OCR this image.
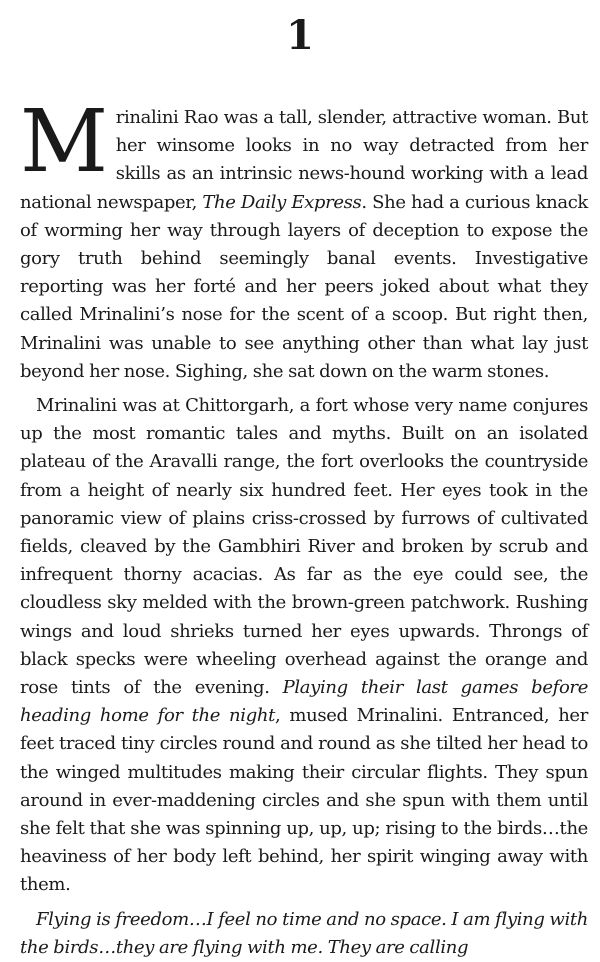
1

Mrinalini Rao was a tall, slender, attractive woman. But her winsome looks in no way detracted from her skills as an intrinsic news-hound working with a lead national newspaper, The Daily Express. She had a curious knack of worming her way through layers of deception to expose the gory truth behind seemingly banal events. Investigative reporting was her forté and her peers joked about what they called Mrinalini’s nose for the scent of a scoop. But right then, Mrinalini was unable to see anything other than what lay just beyond her nose. Sighing, she sat down on the warm stones.

Mrinalini was at Chittorgarh, a fort whose very name conjures up the most romantic tales and myths. Built on an isolated plateau of the Aravalli range, the fort overlooks the countryside from a height of nearly six hundred feet. Her eyes took in the panoramic view of plains criss-crossed by furrows of cultivated fields, cleaved by the Gambhiri River and broken by scrub and infrequent thorny acacias. As far as the eye could see, the cloudless sky melded with the brown-green patchwork. Rushing wings and loud shrieks turned her eyes upwards. Throngs of black specks were wheeling overhead against the orange and rose tints of the evening. Playing their last games before heading home for the night, mused Mrinalini. Entranced, her feet traced tiny circles round and round as she tilted her head to the winged multitudes making their circular flights. They spun around in ever-maddening circles and she spun with them until she felt that she was spinning up, up, up; rising to the birds…the heaviness of her body left behind, her spirit winging away with them.

Flying is freedom…I feel no time and no space. I am flying with the birds…they are flying with me. They are calling
